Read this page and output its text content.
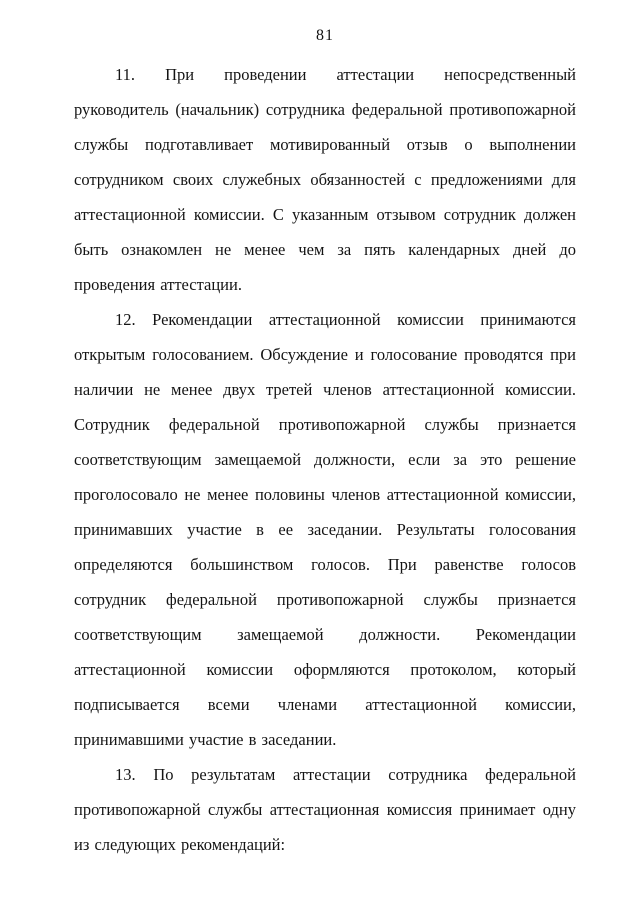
81

11. При проведении аттестации непосредственный руководитель (начальник) сотрудника федеральной противопожарной службы подготавливает мотивированный отзыв о выполнении сотрудником своих служебных обязанностей с предложениями для аттестационной комиссии. С указанным отзывом сотрудник должен быть ознакомлен не менее чем за пять календарных дней до проведения аттестации.

12. Рекомендации аттестационной комиссии принимаются открытым голосованием. Обсуждение и голосование проводятся при наличии не менее двух третей членов аттестационной комиссии. Сотрудник федеральной противопожарной службы признается соответствующим замещаемой должности, если за это решение проголосовало не менее половины членов аттестационной комиссии, принимавших участие в ее заседании. Результаты голосования определяются большинством голосов. При равенстве голосов сотрудник федеральной противопожарной службы признается соответствующим замещаемой должности. Рекомендации аттестационной комиссии оформляются протоколом, который подписывается всеми членами аттестационной комиссии, принимавшими участие в заседании.

13. По результатам аттестации сотрудника федеральной противопожарной службы аттестационная комиссия принимает одну из следующих рекомендаций:
